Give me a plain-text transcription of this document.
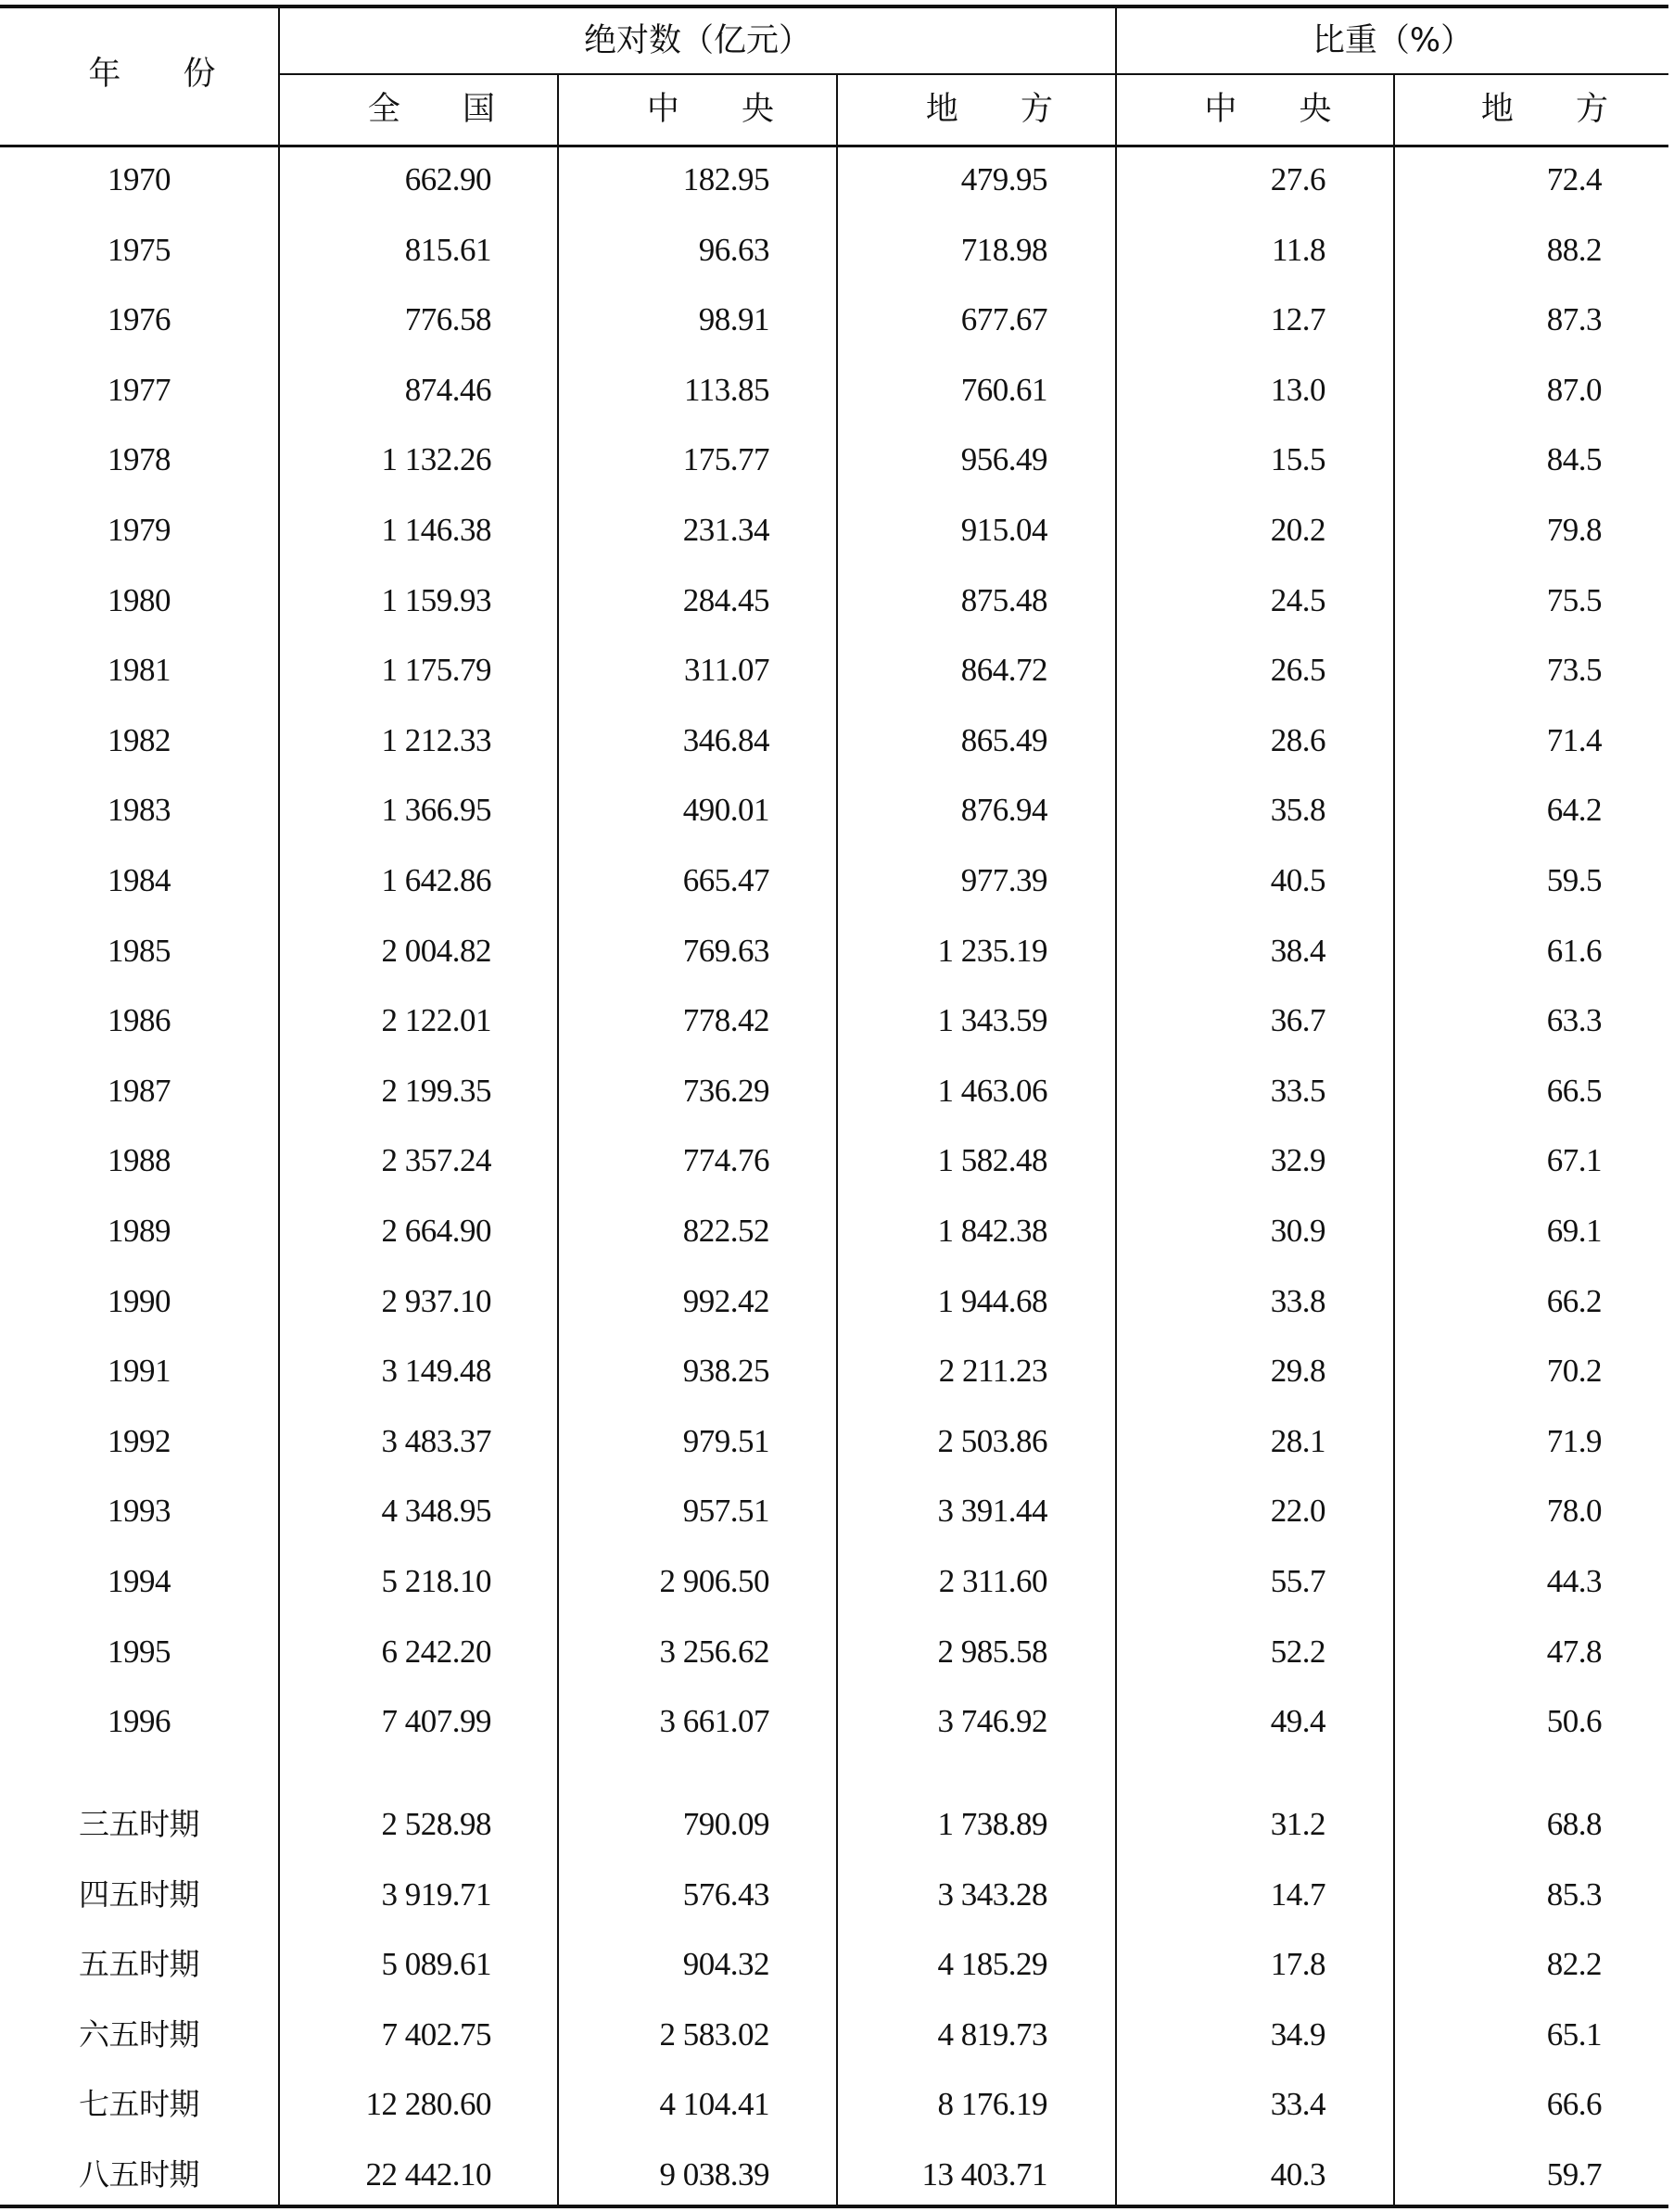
年 份
绝对数（亿元）	比重（%）
全 国	中 央	地 方	中 央	地 方
1970	662.90	182.95	479.95	27.6	72.4
1975	815.61	96.63	718.98	11.8	88.2
1976	776.58	98.91	677.67	12.7	87.3
1977	874.46	113.85	760.61	13.0	87.0
1978	1 132.26	175.77	956.49	15.5	84.5
1979	1 146.38	231.34	915.04	20.2	79.8
1980	1 159.93	284.45	875.48	24.5	75.5
1981	1 175.79	311.07	864.72	26.5	73.5
1982	1 212.33	346.84	865.49	28.6	71.4
1983	1 366.95	490.01	876.94	35.8	64.2
1984	1 642.86	665.47	977.39	40.5	59.5
1985	2 004.82	769.63	1 235.19	38.4	61.6
1986	2 122.01	778.42	1 343.59	36.7	63.3
1987	2 199.35	736.29	1 463.06	33.5	66.5
1988	2 357.24	774.76	1 582.48	32.9	67.1
1989	2 664.90	822.52	1 842.38	30.9	69.1
1990	2 937.10	992.42	1 944.68	33.8	66.2
1991	3 149.48	938.25	2 211.23	29.8	70.2
1992	3 483.37	979.51	2 503.86	28.1	71.9
1993	4 348.95	957.51	3 391.44	22.0	78.0
1994	5 218.10	2 906.50	2 311.60	55.7	44.3
1995	6 242.20	3 256.62	2 985.58	52.2	47.8
1996	7 407.99	3 661.07	3 746.92	49.4	50.6
三五时期	2 528.98	790.09	1 738.89	31.2	68.8
四五时期	3 919.71	576.43	3 343.28	14.7	85.3
五五时期	5 089.61	904.32	4 185.29	17.8	82.2
六五时期	7 402.75	2 583.02	4 819.73	34.9	65.1
七五时期	12 280.60	4 104.41	8 176.19	33.4	66.6
八五时期	22 442.10	9 038.39	13 403.71	40.3	59.7
